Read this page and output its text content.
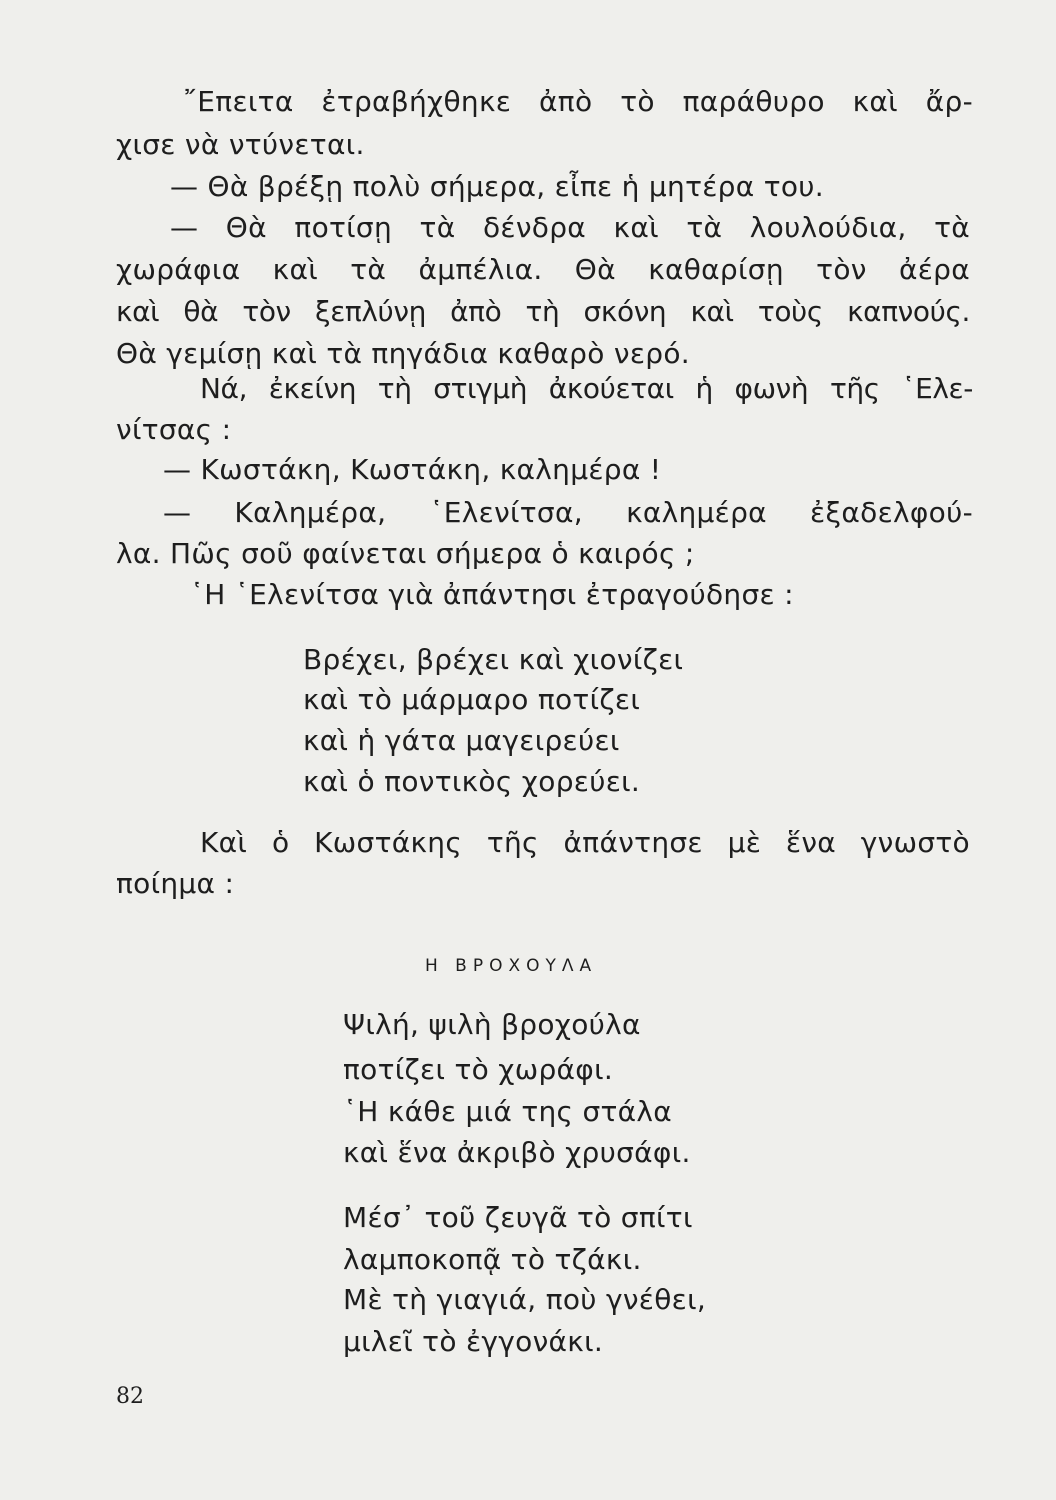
῎Επειτα ἐτραβήχθηκε ἀπὸ τὸ παράθυρο καὶ ἄρ-
χισε νὰ ντύνεται.
— Θὰ βρέξῃ πολὺ σήμερα, εἶπε ἡ μητέρα του.
— Θὰ ποτίσῃ τὰ δένδρα καὶ τὰ λουλούδια, τὰ
χωράφια καὶ τὰ ἀμπέλια. Θὰ καθαρίσῃ τὸν ἀέρα
καὶ θὰ τὸν ξεπλύνῃ ἀπὸ τὴ σκόνη καὶ τοὺς καπνούς.
Θὰ γεμίσῃ καὶ τὰ πηγάδια καθαρὸ νερό.
Νά, ἐκείνη τὴ στιγμὴ ἀκούεται ἡ φωνὴ τῆς ῾Ελε-
νίτσας :
— Κωστάκη, Κωστάκη, καλημέρα !
— Καλημέρα, ῾Ελενίτσα, καλημέρα ἐξαδελφού-
λα. Πῶς σοῦ φαίνεται σήμερα ὁ καιρός ;
῾Η ῾Ελενίτσα γιὰ ἀπάντησι ἐτραγούδησε :
Βρέχει, βρέχει καὶ χιονίζει
καὶ τὸ μάρμαρο ποτίζει
καὶ ἡ γάτα μαγειρεύει
καὶ ὁ ποντικὸς χορεύει.
Καὶ ὁ Κωστάκης τῆς ἀπάντησε μὲ ἕνα γνωστὸ
ποίημα :
Η ΒΡΟΧΟΥΛΑ
Ψιλή, ψιλὴ βροχούλα
ποτίζει τὸ χωράφι.
῾Η κάθε μιά της στάλα
καὶ ἕνα ἀκριβὸ χρυσάφι.
Μέσ᾽ τοῦ ζευγᾶ τὸ σπίτι
λαμποκοπᾷ τὸ τζάκι.
Μὲ τὴ γιαγιά, ποὺ γνέθει,
μιλεῖ τὸ ἐγγονάκι.
82
